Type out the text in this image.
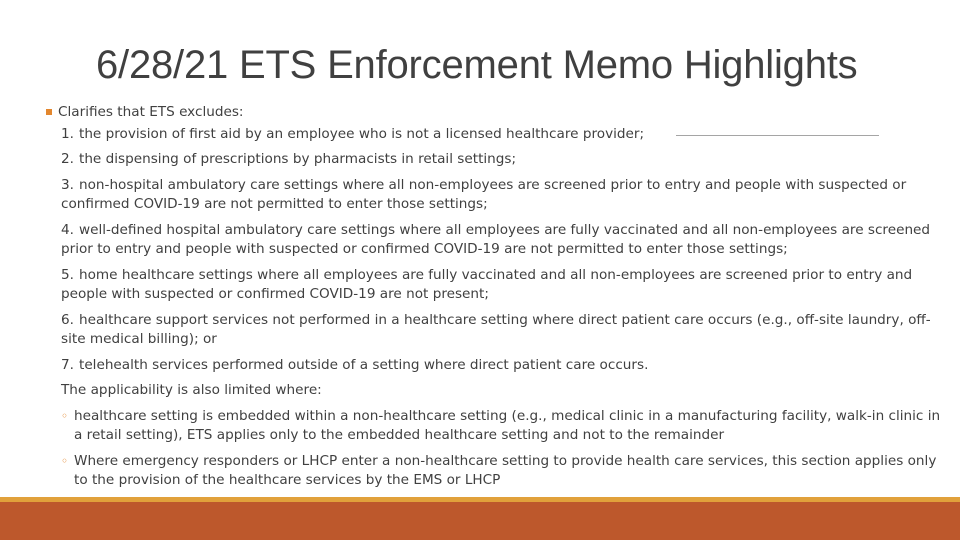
6/28/21 ETS Enforcement Memo Highlights
Clarifies that ETS excludes:
1. the provision of first aid by an employee who is not a licensed healthcare provider;
2. the dispensing of prescriptions by pharmacists in retail settings;
3. non-hospital ambulatory care settings where all non-employees are screened prior to entry and people with suspected or confirmed COVID-19 are not permitted to enter those settings;
4. well-defined hospital ambulatory care settings where all employees are fully vaccinated and all non-employees are screened prior to entry and people with suspected or confirmed COVID-19 are not permitted to enter those settings;
5. home healthcare settings where all employees are fully vaccinated and all non-employees are screened prior to entry and people with suspected or confirmed COVID-19 are not present;
6. healthcare support services not performed in a healthcare setting where direct patient care occurs (e.g., off-site laundry, off-site medical billing); or
7. telehealth services performed outside of a setting where direct patient care occurs.
The applicability is also limited where:
◦ healthcare setting is embedded within a non-healthcare setting (e.g., medical clinic in a manufacturing facility, walk-in clinic in a retail setting), ETS applies only to the embedded healthcare setting and not to the remainder
◦ Where emergency responders or LHCP enter a non-healthcare setting to provide health care services, this section applies only to the provision of the healthcare services by the EMS or LHCP
